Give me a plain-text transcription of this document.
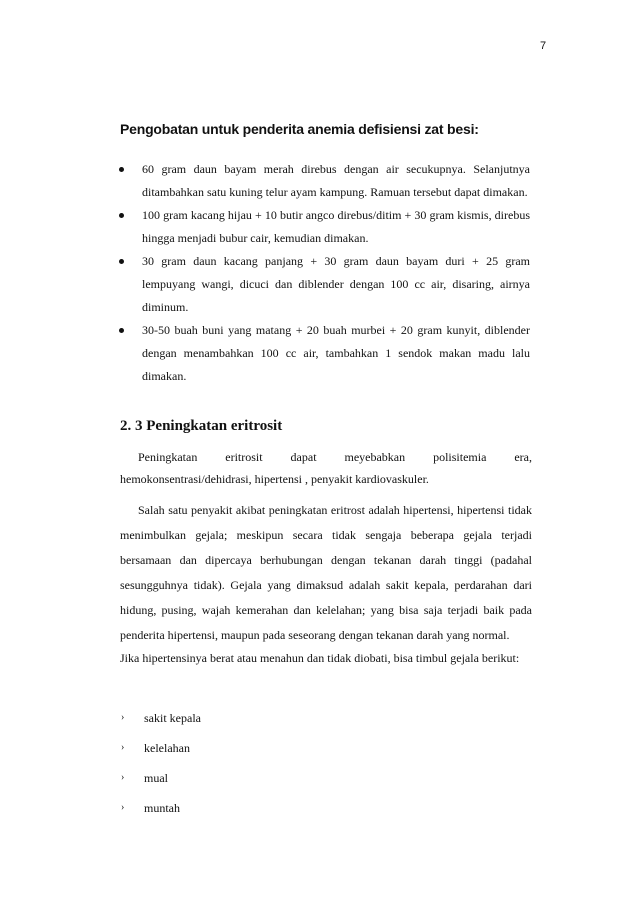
7
Pengobatan untuk penderita anemia defisiensi zat besi:
60 gram daun bayam merah direbus dengan air secukupnya. Selanjutnya ditambahkan satu kuning telur ayam kampung. Ramuan tersebut dapat dimakan.
100 gram kacang hijau + 10 butir angco direbus/ditim + 30 gram kismis, direbus hingga menjadi bubur cair, kemudian dimakan.
30 gram daun kacang panjang + 30 gram daun bayam duri + 25 gram lempuyang wangi, dicuci dan diblender dengan 100 cc air, disaring, airnya diminum.
30-50 buah buni yang matang + 20 buah murbei + 20 gram kunyit, diblender dengan menambahkan 100 cc air, tambahkan 1 sendok makan madu lalu dimakan.
2. 3 Peningkatan eritrosit

Peningkatan eritrosit dapat meyebabkan polisitemia era,
hemokonsentrasi/dehidrasi, hipertensi , penyakit kardiovaskuler.

Salah satu penyakit akibat peningkatan eritrost adalah hipertensi, hipertensi tidak menimbulkan gejala; meskipun secara tidak sengaja beberapa gejala terjadi bersamaan dan dipercaya berhubungan dengan tekanan darah tinggi (padahal sesungguhnya tidak). Gejala yang dimaksud adalah sakit kepala, perdarahan dari hidung, pusing, wajah kemerahan dan kelelahan; yang bisa saja terjadi baik pada penderita hipertensi, maupun pada seseorang dengan tekanan darah yang normal.

Jika hipertensinya berat atau menahun dan tidak diobati, bisa timbul gejala berikut:

› sakit kepala
› kelelahan
› mual
› muntah
